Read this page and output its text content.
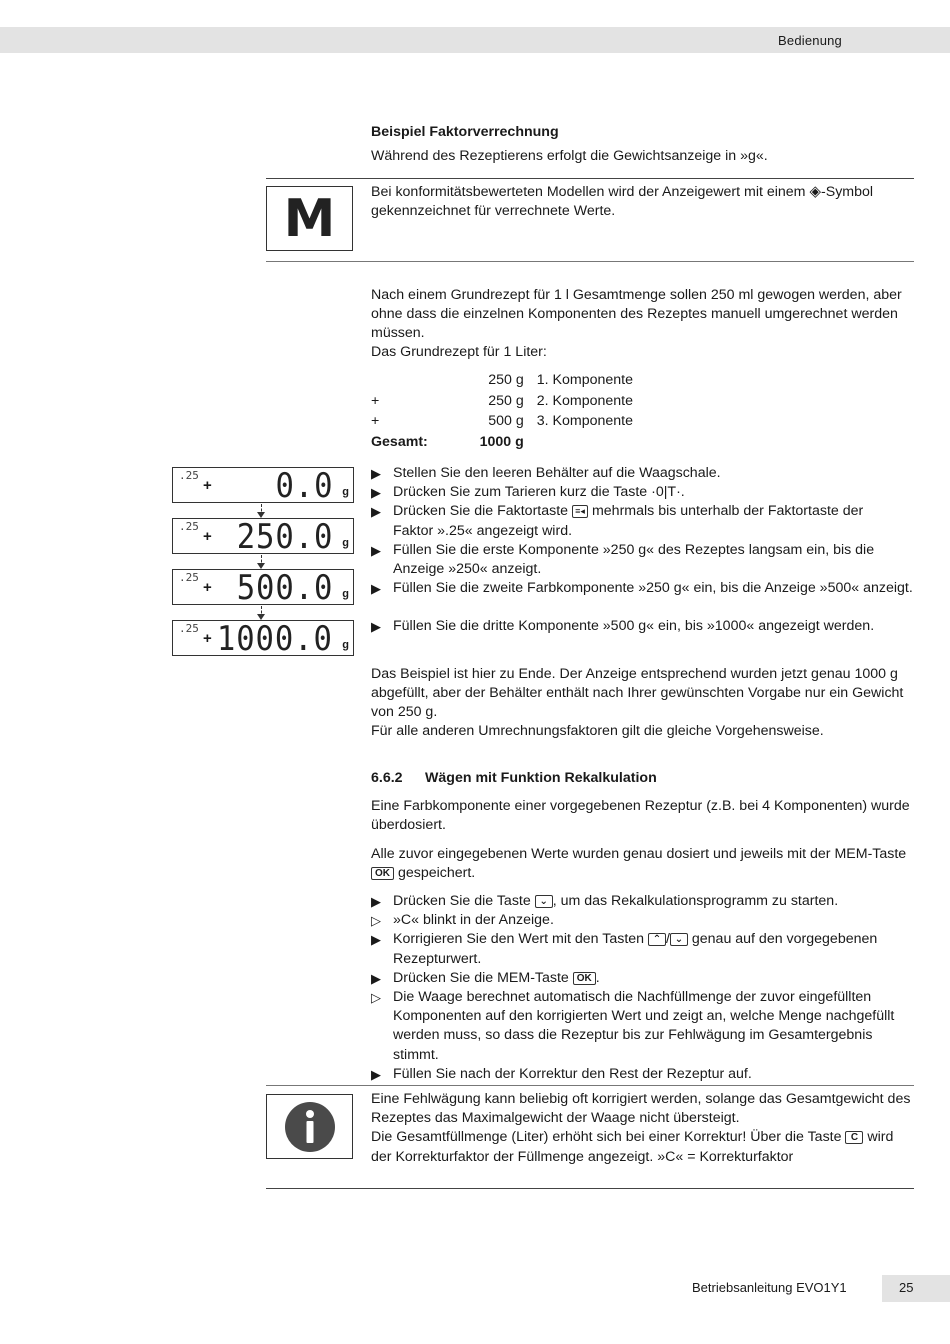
Bedienung
Beispiel Faktorverrechnung
Während des Rezeptierens erfolgt die Gewichtsanzeige in »g«.
M	Bei konformitätsbewerteten Modellen wird der Anzeigewert mit einem ◈-Symbol
gekennzeichnet für verrechnete Werte.
Nach einem Grundrezept für 1 l Gesamtmenge sollen 250 ml gewogen werden, aber ohne dass die einzelnen Komponenten des Rezeptes manuell umgerechnet werden müssen.
Das Grundrezept für 1 Liter:
	250 g	1. Komponente
+	250 g	2. Komponente
+	500 g	3. Komponente
Gesamt:	1000 g	
.25
+ 0.0 g
.25
+ 250.0 g
.25
+ 500.0 g
.25
+ 1000.0 g
▶ Stellen Sie den leeren Behälter auf die Waagschale.
▶ Drücken Sie zum Tarieren kurz die Taste ·0|T·.
▶ Drücken Sie die Faktortaste ≡◂ mehrmals bis unterhalb der Faktortaste der
Faktor ».25« angezeigt wird.
▶ Füllen Sie die erste Komponente »250 g« des Rezeptes langsam ein, bis die
Anzeige »250« anzeigt.
▶ Füllen Sie die zweite Farbkomponente »250 g« ein, bis die Anzeige »500« anzeigt.
▶ Füllen Sie die dritte Komponente »500 g« ein, bis »1000« angezeigt werden.
Das Beispiel ist hier zu Ende. Der Anzeige entsprechend wurden jetzt genau 1000 g abgefüllt, aber der Behälter enthält nach Ihrer gewünschten Vorgabe nur ein Gewicht von 250 g.
Für alle anderen Umrechnungsfaktoren gilt die gleiche Vorgehensweise.
6.6.2 Wägen mit Funktion Rekalkulation
Eine Farbkomponente einer vorgegebenen Rezeptur (z.B. bei 4 Komponenten) wurde überdosiert.
Alle zuvor eingegebenen Werte wurden genau dosiert und jeweils mit der MEM-Taste
OK gespeichert.
▶ Drücken Sie die Taste ⌄ , um das Rekalkulationsprogramm zu starten.
▷ »C« blinkt in der Anzeige.
▶ Korrigieren Sie den Wert mit den Tasten ⌃ / ⌄ genau auf den vorgegebenen Rezepturwert.
▶ Drücken Sie die MEM-Taste OK .
▷ Die Waage berechnet automatisch die Nachfüllmenge der zuvor eingefüllten Komponenten auf den korrigierten Wert und zeigt an, welche Menge nachgefüllt werden muss, so dass die Rezeptur bis zur Fehlwägung im Gesamtergebnis stimmt.
▶ Füllen Sie nach der Korrektur den Rest der Rezeptur auf.
Eine Fehlwägung kann beliebig oft korrigiert werden, solange das Gesamtgewicht des
Rezeptes das Maximalgewicht der Waage nicht übersteigt.
Die Gesamtfüllmenge (Liter) erhöht sich bei einer Korrektur! Über die Taste C wird
der Korrekturfaktor der Füllmenge angezeigt. »C« = Korrekturfaktor
Betriebsanleitung EVO1Y1	25
